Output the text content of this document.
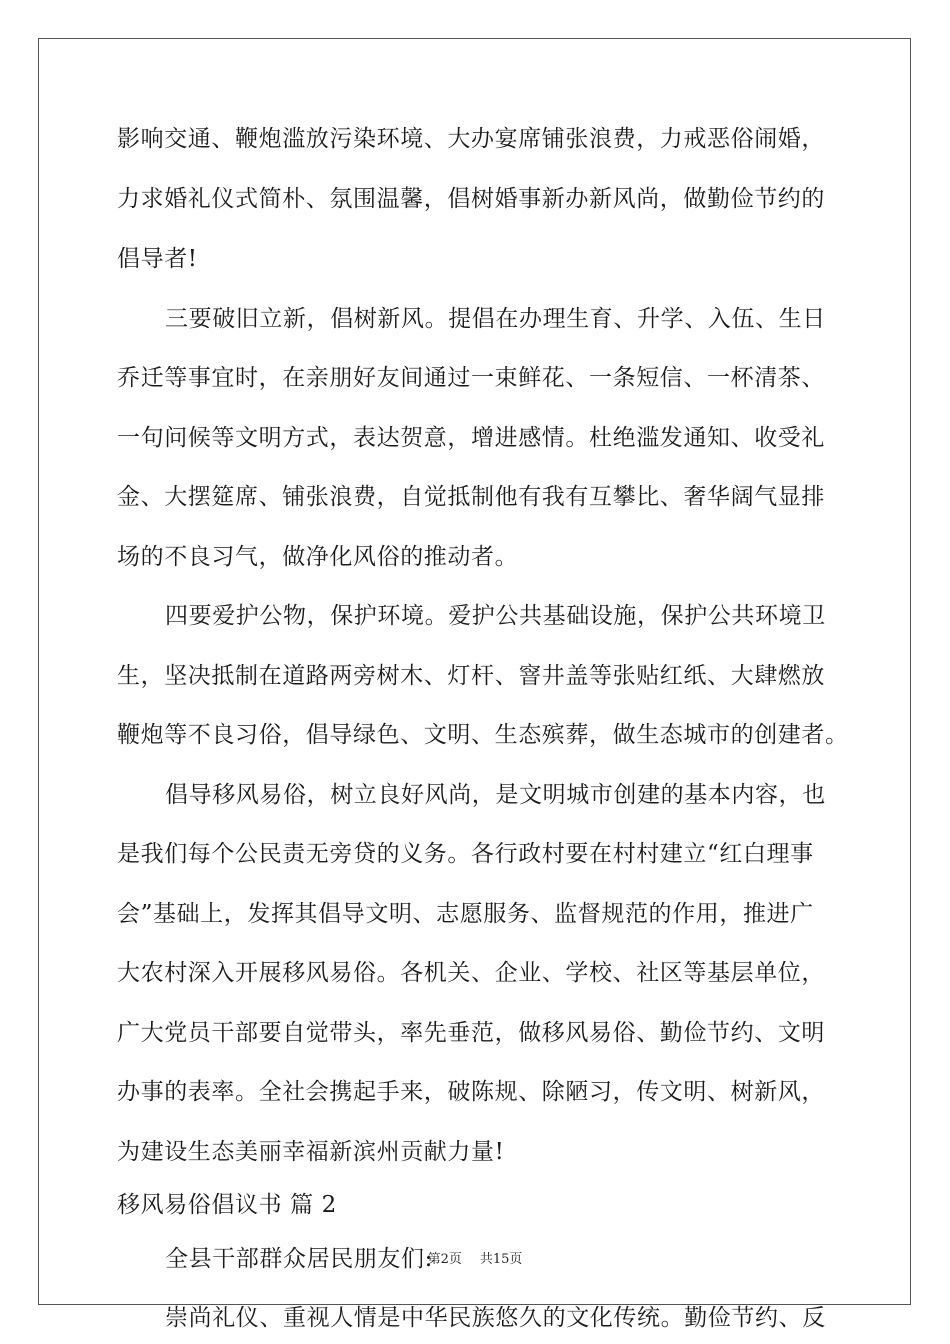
影响交通、鞭炮滥放污染环境、大办宴席铺张浪费，力戒恶俗闹婚，
力求婚礼仪式简朴、氛围温馨，倡树婚事新办新风尚，做勤俭节约的
倡导者!
三要破旧立新，倡树新风。提倡在办理生育、升学、入伍、生日
乔迁等事宜时，在亲朋好友间通过一束鲜花、一条短信、一杯清茶、
一句问候等文明方式，表达贺意，增进感情。杜绝滥发通知、收受礼
金、大摆筵席、铺张浪费，自觉抵制他有我有互攀比、奢华阔气显排
场的不良习气，做净化风俗的推动者。
四要爱护公物，保护环境。爱护公共基础设施，保护公共环境卫
生，坚决抵制在道路两旁树木、灯杆、窨井盖等张贴红纸、大肆燃放
鞭炮等不良习俗，倡导绿色、文明、生态殡葬，做生态城市的创建者。
倡导移风易俗，树立良好风尚，是文明城市创建的基本内容，也
是我们每个公民责无旁贷的义务。各行政村要在村村建立“红白理事
会”基础上，发挥其倡导文明、志愿服务、监督规范的作用，推进广
大农村深入开展移风易俗。各机关、企业、学校、社区等基层单位，
广大党员干部要自觉带头，率先垂范，做移风易俗、勤俭节约、文明
办事的表率。全社会携起手来，破陈规、除陋习，传文明、树新风，
为建设生态美丽幸福新滨州贡献力量!
移风易俗倡议书 篇 2
全县干部群众居民朋友们:
崇尚礼仪、重视人情是中华民族悠久的文化传统。勤俭节约、反
第2页 共15页
